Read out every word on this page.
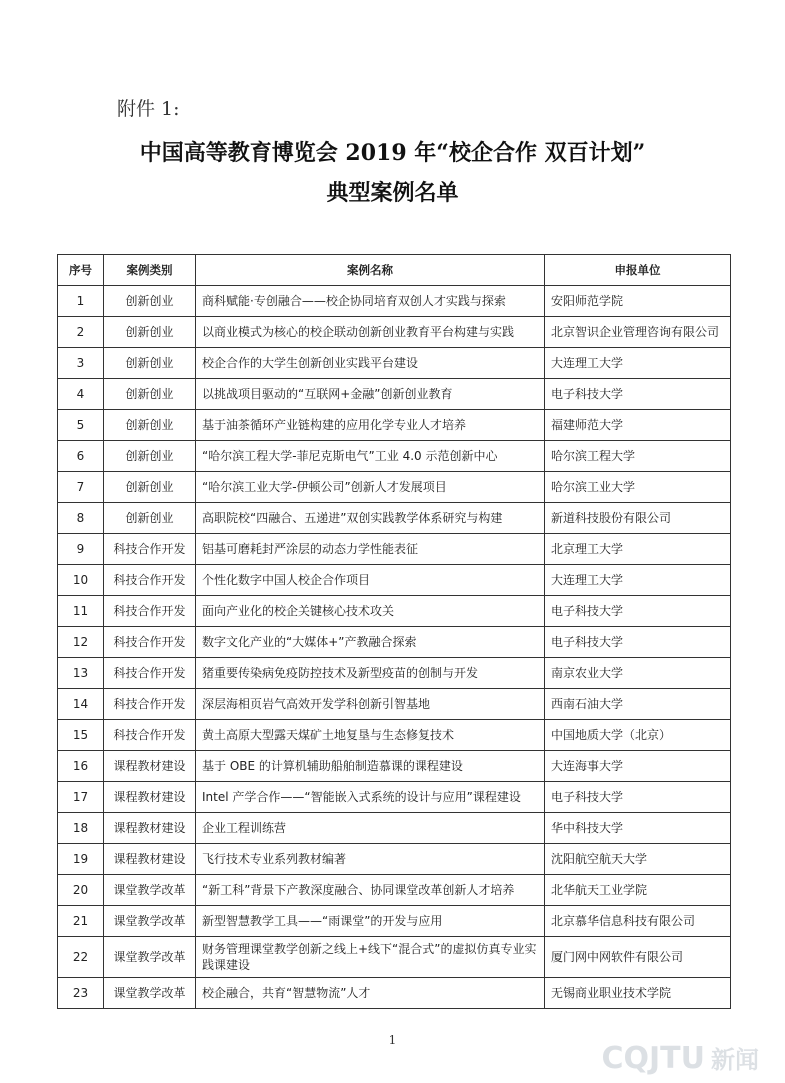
附件 1:
中国高等教育博览会 2019 年“校企合作 双百计划”
典型案例名单
序号	案例类别	案例名称	申报单位
1	创新创业	商科赋能·专创融合——校企协同培育双创人才实践与探索	安阳师范学院
2	创新创业	以商业模式为核心的校企联动创新创业教育平台构建与实践	北京智识企业管理咨询有限公司
3	创新创业	校企合作的大学生创新创业实践平台建设	大连理工大学
4	创新创业	以挑战项目驱动的“互联网+金融”创新创业教育	电子科技大学
5	创新创业	基于油茶循环产业链构建的应用化学专业人才培养	福建师范大学
6	创新创业	“哈尔滨工程大学-菲尼克斯电气”工业 4.0 示范创新中心	哈尔滨工程大学
7	创新创业	“哈尔滨工业大学-伊顿公司”创新人才发展项目	哈尔滨工业大学
8	创新创业	高职院校“四融合、五递进”双创实践教学体系研究与构建	新道科技股份有限公司
9	科技合作开发	铝基可磨耗封严涂层的动态力学性能表征	北京理工大学
10	科技合作开发	个性化数字中国人校企合作项目	大连理工大学
11	科技合作开发	面向产业化的校企关键核心技术攻关	电子科技大学
12	科技合作开发	数字文化产业的“大媒体+”产教融合探索	电子科技大学
13	科技合作开发	猪重要传染病免疫防控技术及新型疫苗的创制与开发	南京农业大学
14	科技合作开发	深层海相页岩气高效开发学科创新引智基地	西南石油大学
15	科技合作开发	黄土高原大型露天煤矿土地复垦与生态修复技术	中国地质大学（北京）
16	课程教材建设	基于 OBE 的计算机辅助船舶制造慕课的课程建设	大连海事大学
17	课程教材建设	Intel 产学合作——“智能嵌入式系统的设计与应用”课程建设	电子科技大学
18	课程教材建设	企业工程训练营	华中科技大学
19	课程教材建设	飞行技术专业系列教材编著	沈阳航空航天大学
20	课堂教学改革	“新工科”背景下产教深度融合、协同课堂改革创新人才培养	北华航天工业学院
21	课堂教学改革	新型智慧教学工具——“雨课堂”的开发与应用	北京慕华信息科技有限公司
22	课堂教学改革	财务管理课堂教学创新之线上+线下“混合式”的虚拟仿真专业实践课建设	厦门网中网软件有限公司
23	课堂教学改革	校企融合，共育“智慧物流”人才	无锡商业职业技术学院
1
CQJTU 新闻
